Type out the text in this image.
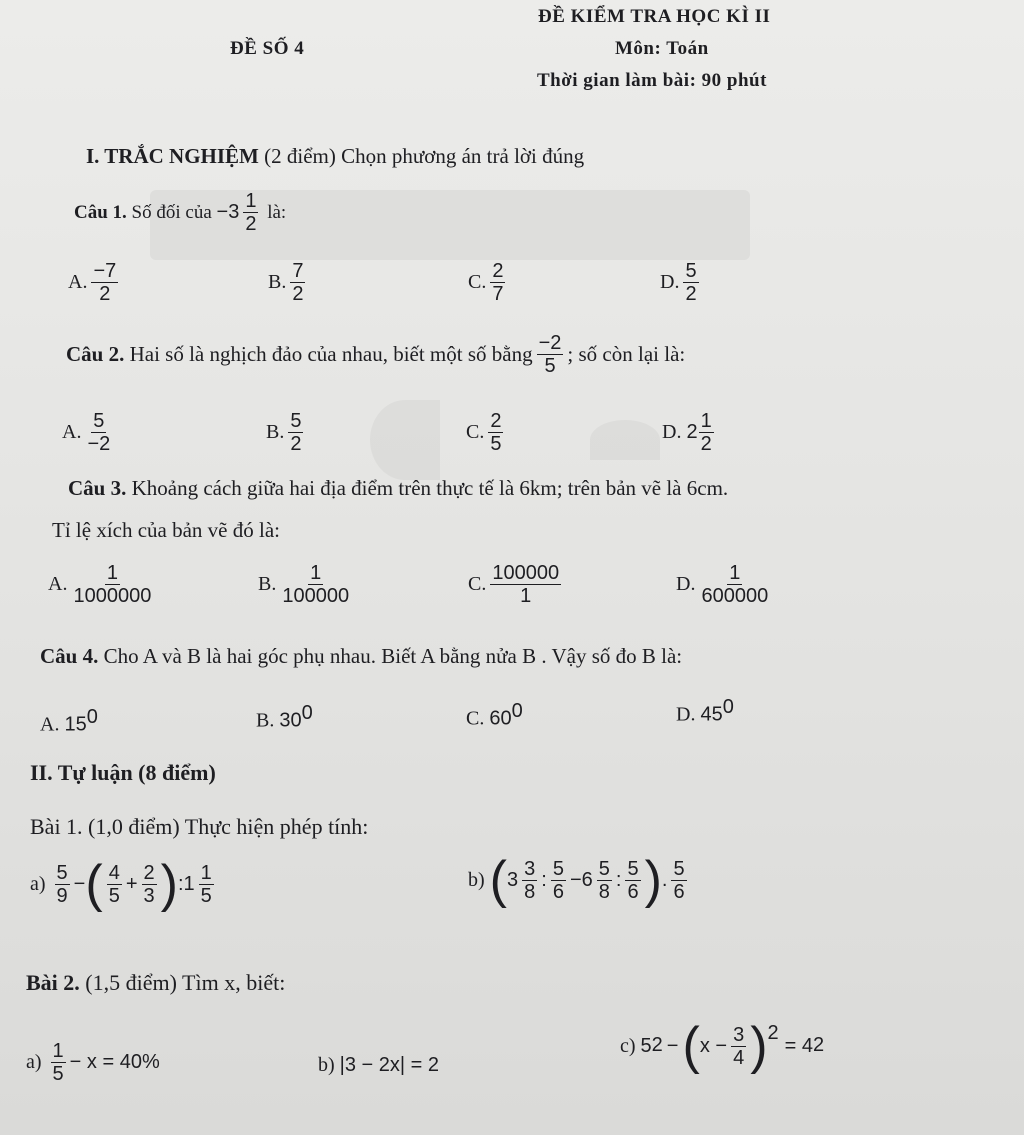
ĐỀ KIỂM TRA HỌC KÌ II
ĐỀ SỐ 4	Môn: Toán
Thời gian làm bài: 90 phút
I. TRẮC NGHIỆM (2 điểm) Chọn phương án trả lời đúng
Câu 1.
Số đối của
$-3 \frac{1}{2}$
là:
A. $\frac{-7}{2}$	B. $\frac{7}{2}$	C. $\frac{2}{7}$	D. $\frac{5}{2}$
Câu 2.
Hai số là nghịch đảo của nhau, biết một số bằng $\frac{-2}{5}$ ; số còn lại là:
A. $\frac{5}{-2}$	B. $\frac{5}{2}$	C. $\frac{2}{5}$	D.
$2 \frac{1}{2}$
Câu 3. Khoảng cách giữa hai địa điểm trên thực tế là 6km; trên bản vẽ là 6cm.
Tỉ lệ xích của bản vẽ đó là:
A. $\frac{1}{1000000}$	B. $\frac{1}{100000}$	C. $\frac{100000}{1}$	D. $\frac{1}{600000}$
Câu 4. Cho A và B là hai góc phụ nhau. Biết A bằng nửa B . Vậy số đo B là:
A. $15^0$	B. $30^0$	C. $60^0$	D. $45^0$
II. Tự luận (8 điểm)
Bài 1. (1,0 điểm) Thực hiện phép tính:
a)
$\frac{5}{9}$ − ( $\frac{4}{5} + \frac{2}{3}$ ) : $1 \frac{1}{5}$	b)
( $3 \frac{3}{8}$ : $\frac{5}{6} - 6 \frac{5}{8}$ : $\frac{5}{6}$ ) . $\frac{5}{6}$
Bài 2. (1,5 điểm) Tìm x, biết:
a)
$\frac{1}{5} - x = 40\%$	b)
|3 − 2x| = 2
c)
5 2 − ( $x - \frac{3}{4}$ ) 2
= 4 2
